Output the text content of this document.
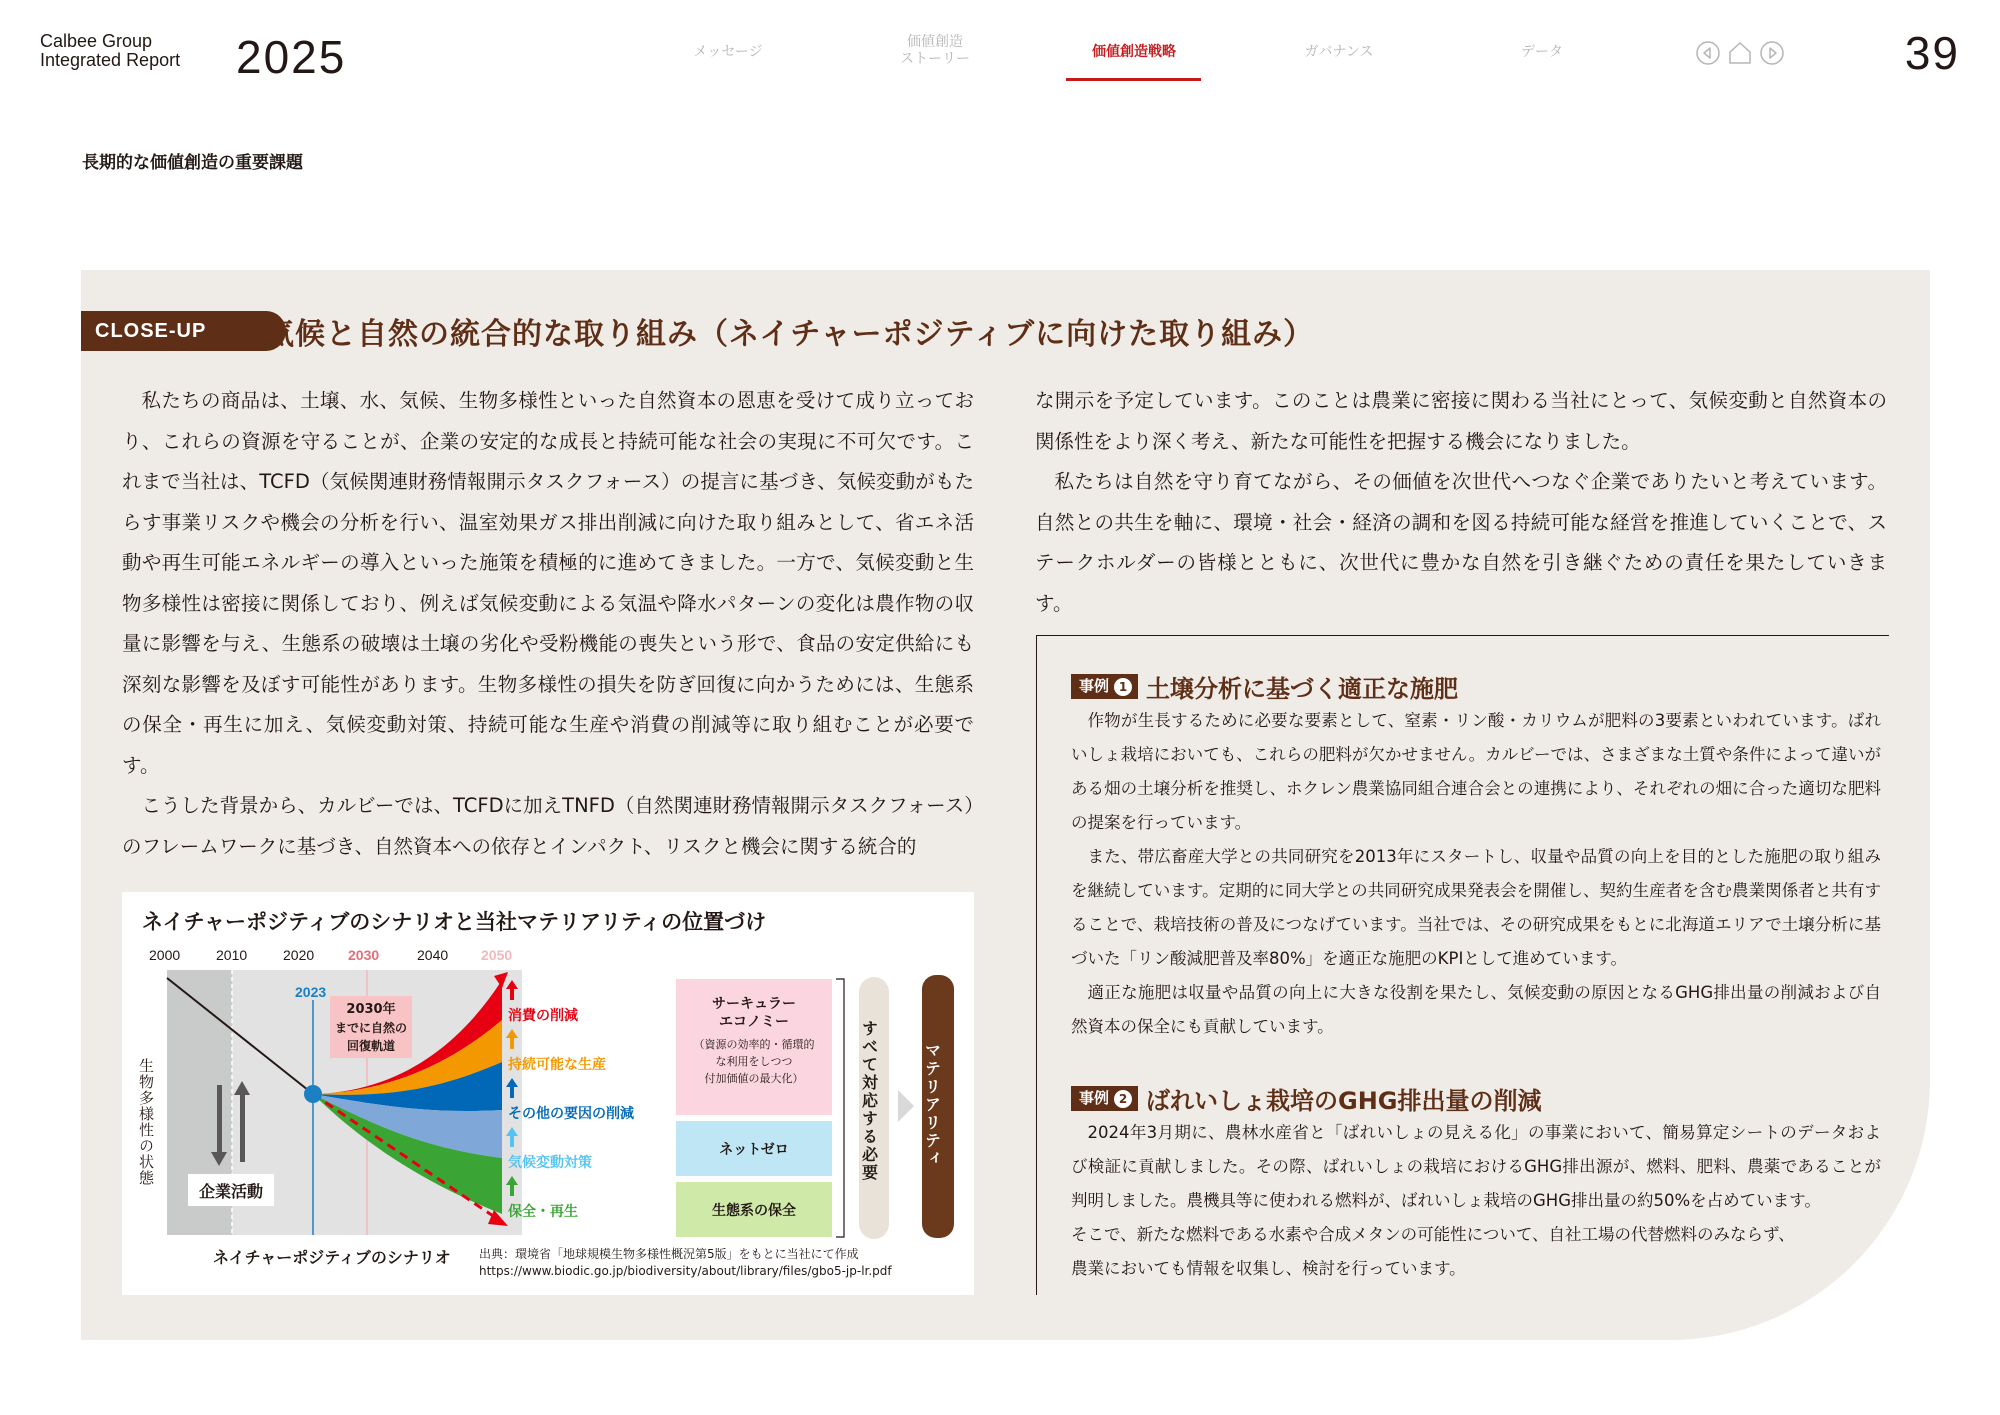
Calbee Group
Integrated Report 2025	メッセージ
価値創造
ストーリー	価値創造戦略	ガバナンス	データ	39
長期的な価値創造の重要課題
CLOSE-UP	気候と自然の統合的な取り組み（ネイチャーポジティブに向けた取り組み）

私たちの商品は、土壌、水、気候、生物多様性といった自然資本の恩恵を受けて成り立っており、これらの資源を守ることが、企業の安定的な成長と持続可能な社会の実現に不可欠です。これまで当社は、TCFD（気候関連財務情報開示タスクフォース）の提言に基づき、気候変動がもたらす事業リスクや機会の分析を行い、温室効果ガス排出削減に向けた取り組みとして、省エネ活動や再生可能エネルギーの導入といった施策を積極的に進めてきました。一方で、気候変動と生物多様性は密接に関係しており、例えば気候変動による気温や降水パターンの変化は農作物の収量に影響を与え、生態系の破壊は土壌の劣化や受粉機能の喪失という形で、食品の安定供給にも深刻な影響を及ぼす可能性があります。生物多様性の損失を防ぎ回復に向かうためには、生態系の保全・再生に加え、気候変動対策、持続可能な生産や消費の削減等に取り組むことが必要です。

こうした背景から、カルビーでは、TCFDに加えTNFD（自然関連財務情報開示タスクフォース）のフレームワークに基づき、自然資本への依存とインパクト、リスクと機会に関する統合的

な開示を予定しています。このことは農業に密接に関わる当社にとって、気候変動と自然資本の関係性をより深く考え、新たな可能性を把握する機会になりました。

私たちは自然を守り育てながら、その価値を次世代へつなぐ企業でありたいと考えています。自然との共生を軸に、環境・社会・経済の調和を図る持続可能な経営を推進していくことで、ステークホルダーの皆様とともに、次世代に豊かな自然を引き継ぐための責任を果たしていきます。

事例 1 土壌分析に基づく適正な施肥

作物が生長するために必要な要素として、窒素・リン酸・カリウムが肥料の3要素といわれています。ばれいしょ栽培においても、これらの肥料が欠かせません。カルビーでは、さまざまな土質や条件によって違いがある畑の土壌分析を推奨し、ホクレン農業協同組合連合会との連携により、それぞれの畑に合った適切な肥料の提案を行っています。

また、帯広畜産大学との共同研究を2013年にスタートし、収量や品質の向上を目的とした施肥の取り組みを継続しています。定期的に同大学との共同研究成果発表会を開催し、契約生産者を含む農業関係者と共有することで、栽培技術の普及につなげています。当社では、その研究成果をもとに北海道エリアで土壌分析に基づいた「リン酸減肥普及率80%」を適正な施肥のKPIとして進めています。

適正な施肥は収量や品質の向上に大きな役割を果たし、気候変動の原因となるGHG排出量の削減および自然資本の保全にも貢献しています。

事例 2 ばれいしょ栽培のGHG排出量の削減

2024年3月期に、農林水産省と「ばれいしょの見える化」の事業において、簡易算定シートのデータおよび検証に貢献しました。その際、ばれいしょの栽培におけるGHG排出源が、燃料、肥料、農薬であることが判明しました。農機具等に使われる燃料が、ばれいしょ栽培のGHG排出量の約50%を占めています。

そこで、新たな燃料である水素や合成メタンの可能性について、自社工場の代替燃料のみならず、

農業においても情報を収集し、検討を行っています。

2000	2010	2020 2030	2040 2050
2023
2030年
までに自然の
回復軌道
生物多様性の状態
企業活動
消費の削減
持続可能な生産
その他の要因の削減
気候変動対策
保全・再生
サーキュラー
エコノミー
（資源の効率的・循環的
な利用をしつつ
付加価値の最大化）
ネットゼロ
生態系の保全
すべて対応する必要	マテリアリティ
ネイチャーポジティブのシナリオ
ネイチャーポジティブのシナリオと当社マテリアリティの位置づけ
出典：環境省「地球規模生物多様性概況第5版」をもとに当社にて作成
https://www.biodic.go.jp/biodiversity/about/library/files/gbo5-jp-lr.pdf
